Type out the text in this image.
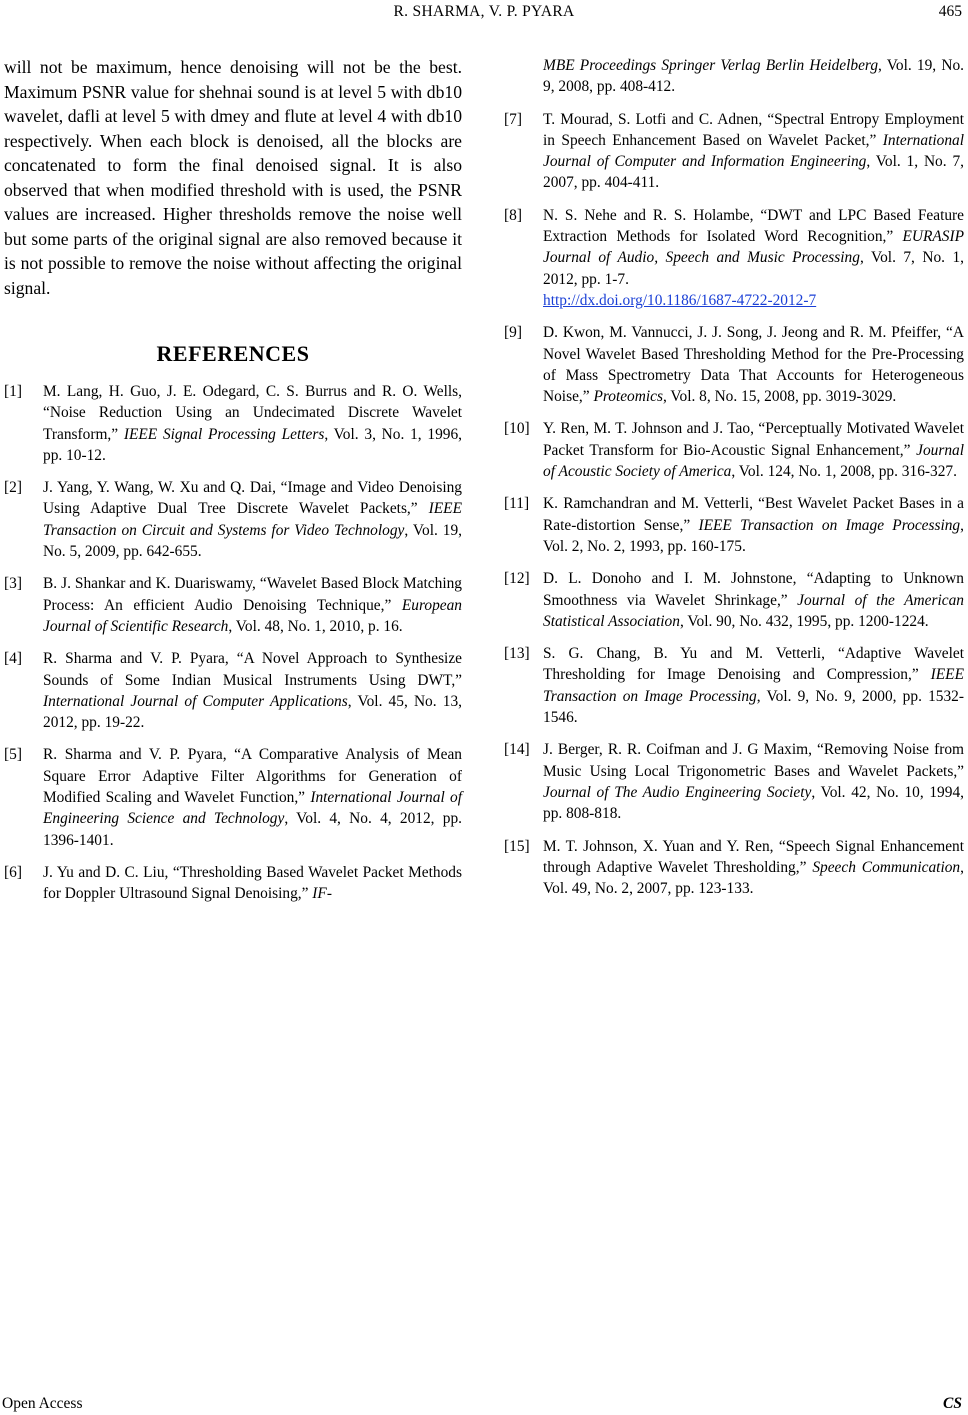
R. SHARMA, V. P. PYARA	465

will not be maximum, hence denoising will not be the best. Maximum PSNR value for shehnai sound is at level 5 with db10 wavelet, dafli at level 5 with dmey and flute at level 4 with db10 respectively. When each block is denoised, all the blocks are concatenated to form the final denoised signal. It is also observed that when modified threshold with is used, the PSNR values are increased. Higher thresholds remove the noise well but some parts of the original signal are also removed because it is not possible to remove the noise without affecting the original signal.

REFERENCES
[1] M. Lang, H. Guo, J. E. Odegard, C. S. Burrus and R. O. Wells, “Noise Reduction Using an Undecimated Discrete Wavelet Transform,” IEEE Signal Processing Letters, Vol. 3, No. 1, 1996, pp. 10-12.
[2] J. Yang, Y. Wang, W. Xu and Q. Dai, “Image and Video Denoising Using Adaptive Dual Tree Discrete Wavelet Packets,” IEEE Transaction on Circuit and Systems for Video Technology, Vol. 19, No. 5, 2009, pp. 642-655.
[3] B. J. Shankar and K. Duariswamy, “Wavelet Based Block Matching Process: An efficient Audio Denoising Technique,” European Journal of Scientific Research, Vol. 48, No. 1, 2010, p. 16.
[4] R. Sharma and V. P. Pyara, “A Novel Approach to Synthesize Sounds of Some Indian Musical Instruments Using DWT,” International Journal of Computer Applications, Vol. 45, No. 13, 2012, pp. 19-22.
[5] R. Sharma and V. P. Pyara, “A Comparative Analysis of Mean Square Error Adaptive Filter Algorithms for Generation of Modified Scaling and Wavelet Function,” International Journal of Engineering Science and Technology, Vol. 4, No. 4, 2012, pp. 1396-1401.
[6] J. Yu and D. C. Liu, “Thresholding Based Wavelet Packet Methods for Doppler Ultrasound Signal Denoising,” IF-
MBE Proceedings Springer Verlag Berlin Heidelberg, Vol. 19, No. 9, 2008, pp. 408-412.
[7] T. Mourad, S. Lotfi and C. Adnen, “Spectral Entropy Employment in Speech Enhancement Based on Wavelet Packet,” International Journal of Computer and Information Engineering, Vol. 1, No. 7, 2007, pp. 404-411.
[8] N. S. Nehe and R. S. Holambe, “DWT and LPC Based Feature Extraction Methods for Isolated Word Recognition,” EURASIP Journal of Audio, Speech and Music Processing, Vol. 7, No. 1, 2012, pp. 1-7.
http://dx.doi.org/10.1186/1687-4722-2012-7
[9] D. Kwon, M. Vannucci, J. J. Song, J. Jeong and R. M. Pfeiffer, “A Novel Wavelet Based Thresholding Method for the Pre-Processing of Mass Spectrometry Data That Accounts for Heterogeneous Noise,” Proteomics, Vol. 8, No. 15, 2008, pp. 3019-3029.
[10] Y. Ren, M. T. Johnson and J. Tao, “Perceptually Motivated Wavelet Packet Transform for Bio-Acoustic Signal Enhancement,” Journal of Acoustic Society of America, Vol. 124, No. 1, 2008, pp. 316-327.
[11] K. Ramchandran and M. Vetterli, “Best Wavelet Packet Bases in a Rate-distortion Sense,” IEEE Transaction on Image Processing, Vol. 2, No. 2, 1993, pp. 160-175.
[12] D. L. Donoho and I. M. Johnstone, “Adapting to Unknown Smoothness via Wavelet Shrinkage,” Journal of the American Statistical Association, Vol. 90, No. 432, 1995, pp. 1200-1224.
[13] S. G. Chang, B. Yu and M. Vetterli, “Adaptive Wavelet Thresholding for Image Denoising and Compression,” IEEE Transaction on Image Processing, Vol. 9, No. 9, 2000, pp. 1532-1546.
[14] J. Berger, R. R. Coifman and J. G Maxim, “Removing Noise from Music Using Local Trigonometric Bases and Wavelet Packets,” Journal of The Audio Engineering Society, Vol. 42, No. 10, 1994, pp. 808-818.
[15] M. T. Johnson, X. Yuan and Y. Ren, “Speech Signal Enhancement through Adaptive Wavelet Thresholding,” Speech Communication, Vol. 49, No. 2, 2007, pp. 123-133.
Open Access	CS
